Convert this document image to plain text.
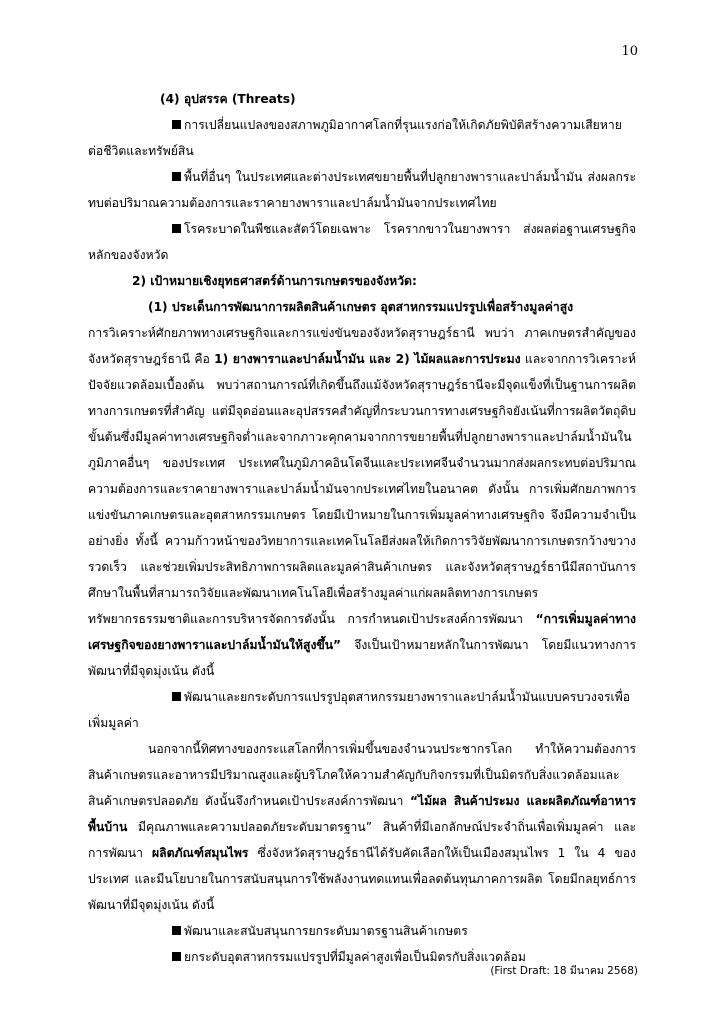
10

(4) อุปสรรค (Threats)

การเปลี่ยนแปลงของสภาพภูมิอากาศโลกที่รุนแรงก่อให้เกิดภัยพิบัติสร้างความเสียหายต่อชีวิตและทรัพย์สิน

พื้นที่อื่นๆ ในประเทศและต่างประเทศขยายพื้นที่ปลูกยางพาราและปาล์มน้ำมัน ส่งผลกระทบต่อปริมาณความต้องการและราคายางพาราและปาล์มน้ำมันจากประเทศไทย

โรคระบาดในพืชและสัตว์โดยเฉพาะ โรครากขาวในยางพารา ส่งผลต่อฐานเศรษฐกิจหลักของจังหวัด

2) เป้าหมายเชิงยุทธศาสตร์ด้านการเกษตรของจังหวัด:

(1) ประเด็นการพัฒนาการผลิตสินค้าเกษตร อุตสาหกรรมแปรรูปเพื่อสร้างมูลค่าสูง

การวิเคราะห์ศักยภาพทางเศรษฐกิจและการแข่งขันของจังหวัดสุราษฎร์ธานี พบว่า ภาคเกษตรสำคัญของจังหวัดสุราษฎร์ธานี คือ 1) ยางพาราและปาล์มน้ำมัน และ 2) ไม้ผลและการประมง และจากการวิเคราะห์ปัจจัยแวดล้อมเบื้องต้น พบว่าสถานการณ์ที่เกิดขึ้นถึงแม้จังหวัดสุราษฎร์ธานีจะมีจุดแข็งที่เป็นฐานการผลิตทางการเกษตรที่สำคัญ แต่มีจุดอ่อนและอุปสรรคสำคัญที่กระบวนการทางเศรษฐกิจยังเน้นที่การผลิตวัตถุดิบขั้นต้นซึ่งมีมูลค่าทางเศรษฐกิจต่ำและจากภาวะคุกคามจากการขยายพื้นที่ปลูกยางพาราและปาล์มน้ำมันในภูมิภาคอื่นๆ ของประเทศ ประเทศในภูมิภาคอินโดจีนและประเทศจีนจำนวนมากส่งผลกระทบต่อปริมาณ ความต้องการและราคายางพาราและปาล์มน้ำมันจากประเทศไทยในอนาคต ดังนั้น การเพิ่มศักยภาพการแข่งขันภาคเกษตรและอุตสาหกรรมเกษตร โดยมีเป้าหมายในการเพิ่มมูลค่าทางเศรษฐกิจ จึงมีความจำเป็นอย่างยิ่ง ทั้งนี้ ความก้าวหน้าของวิทยาการและเทคโนโลยีส่งผลให้เกิดการวิจัยพัฒนาการเกษตรกว้างขวางรวดเร็ว และช่วยเพิ่มประสิทธิภาพการผลิตและมูลค่าสินค้าเกษตร และจังหวัดสุราษฎร์ธานีมีสถาบันการศึกษาในพื้นที่สามารถวิจัยและพัฒนาเทคโนโลยีเพื่อสร้างมูลค่าแก่ผลผลิตทางการเกษตร ทรัพยากรธรรมชาติและการบริหารจัดการดังนั้น การกำหนดเป้าประสงค์การพัฒนา “การเพิ่มมูลค่าทางเศรษฐกิจของยางพาราและปาล์มน้ำมันให้สูงขึ้น” จึงเป็นเป้าหมายหลักในการพัฒนา โดยมีแนวทางการพัฒนาที่มีจุดมุ่งเน้น ดังนี้

พัฒนาและยกระดับการแปรรูปอุตสาหกรรมยางพาราและปาล์มน้ำมันแบบครบวงจรเพื่อเพิ่มมูลค่า

นอกจากนี้ทิศทางของกระแสโลกที่การเพิ่มขึ้นของจำนวนประชากรโลก ทำให้ความต้องการสินค้าเกษตรและอาหารมีปริมาณสูงและผู้บริโภคให้ความสำคัญกับกิจกรรมที่เป็นมิตรกับสิ่งแวดล้อมและสินค้าเกษตรปลอดภัย ดังนั้นจึงกำหนดเป้าประสงค์การพัฒนา “ไม้ผล สินค้าประมง และผลิตภัณฑ์อาหารพื้นบ้าน มีคุณภาพและความปลอดภัยระดับมาตรฐาน” สินค้าที่มีเอกลักษณ์ประจำถิ่นเพื่อเพิ่มมูลค่า และการพัฒนา ผลิตภัณฑ์สมุนไพร ซึ่งจังหวัดสุราษฎร์ธานีได้รับคัดเลือกให้เป็นเมืองสมุนไพร 1 ใน 4 ของประเทศ และมีนโยบายในการสนับสนุนการใช้พลังงานทดแทนเพื่อลดต้นทุนภาคการผลิต โดยมีกลยุทธ์การพัฒนาที่มีจุดมุ่งเน้น ดังนี้

พัฒนาและสนับสนุนการยกระดับมาตรฐานสินค้าเกษตร

ยกระดับอุตสาหกรรมแปรรูปที่มีมูลค่าสูงเพื่อเป็นมิตรกับสิ่งแวดล้อม

(First Draft: 18 มีนาคม 2568)
